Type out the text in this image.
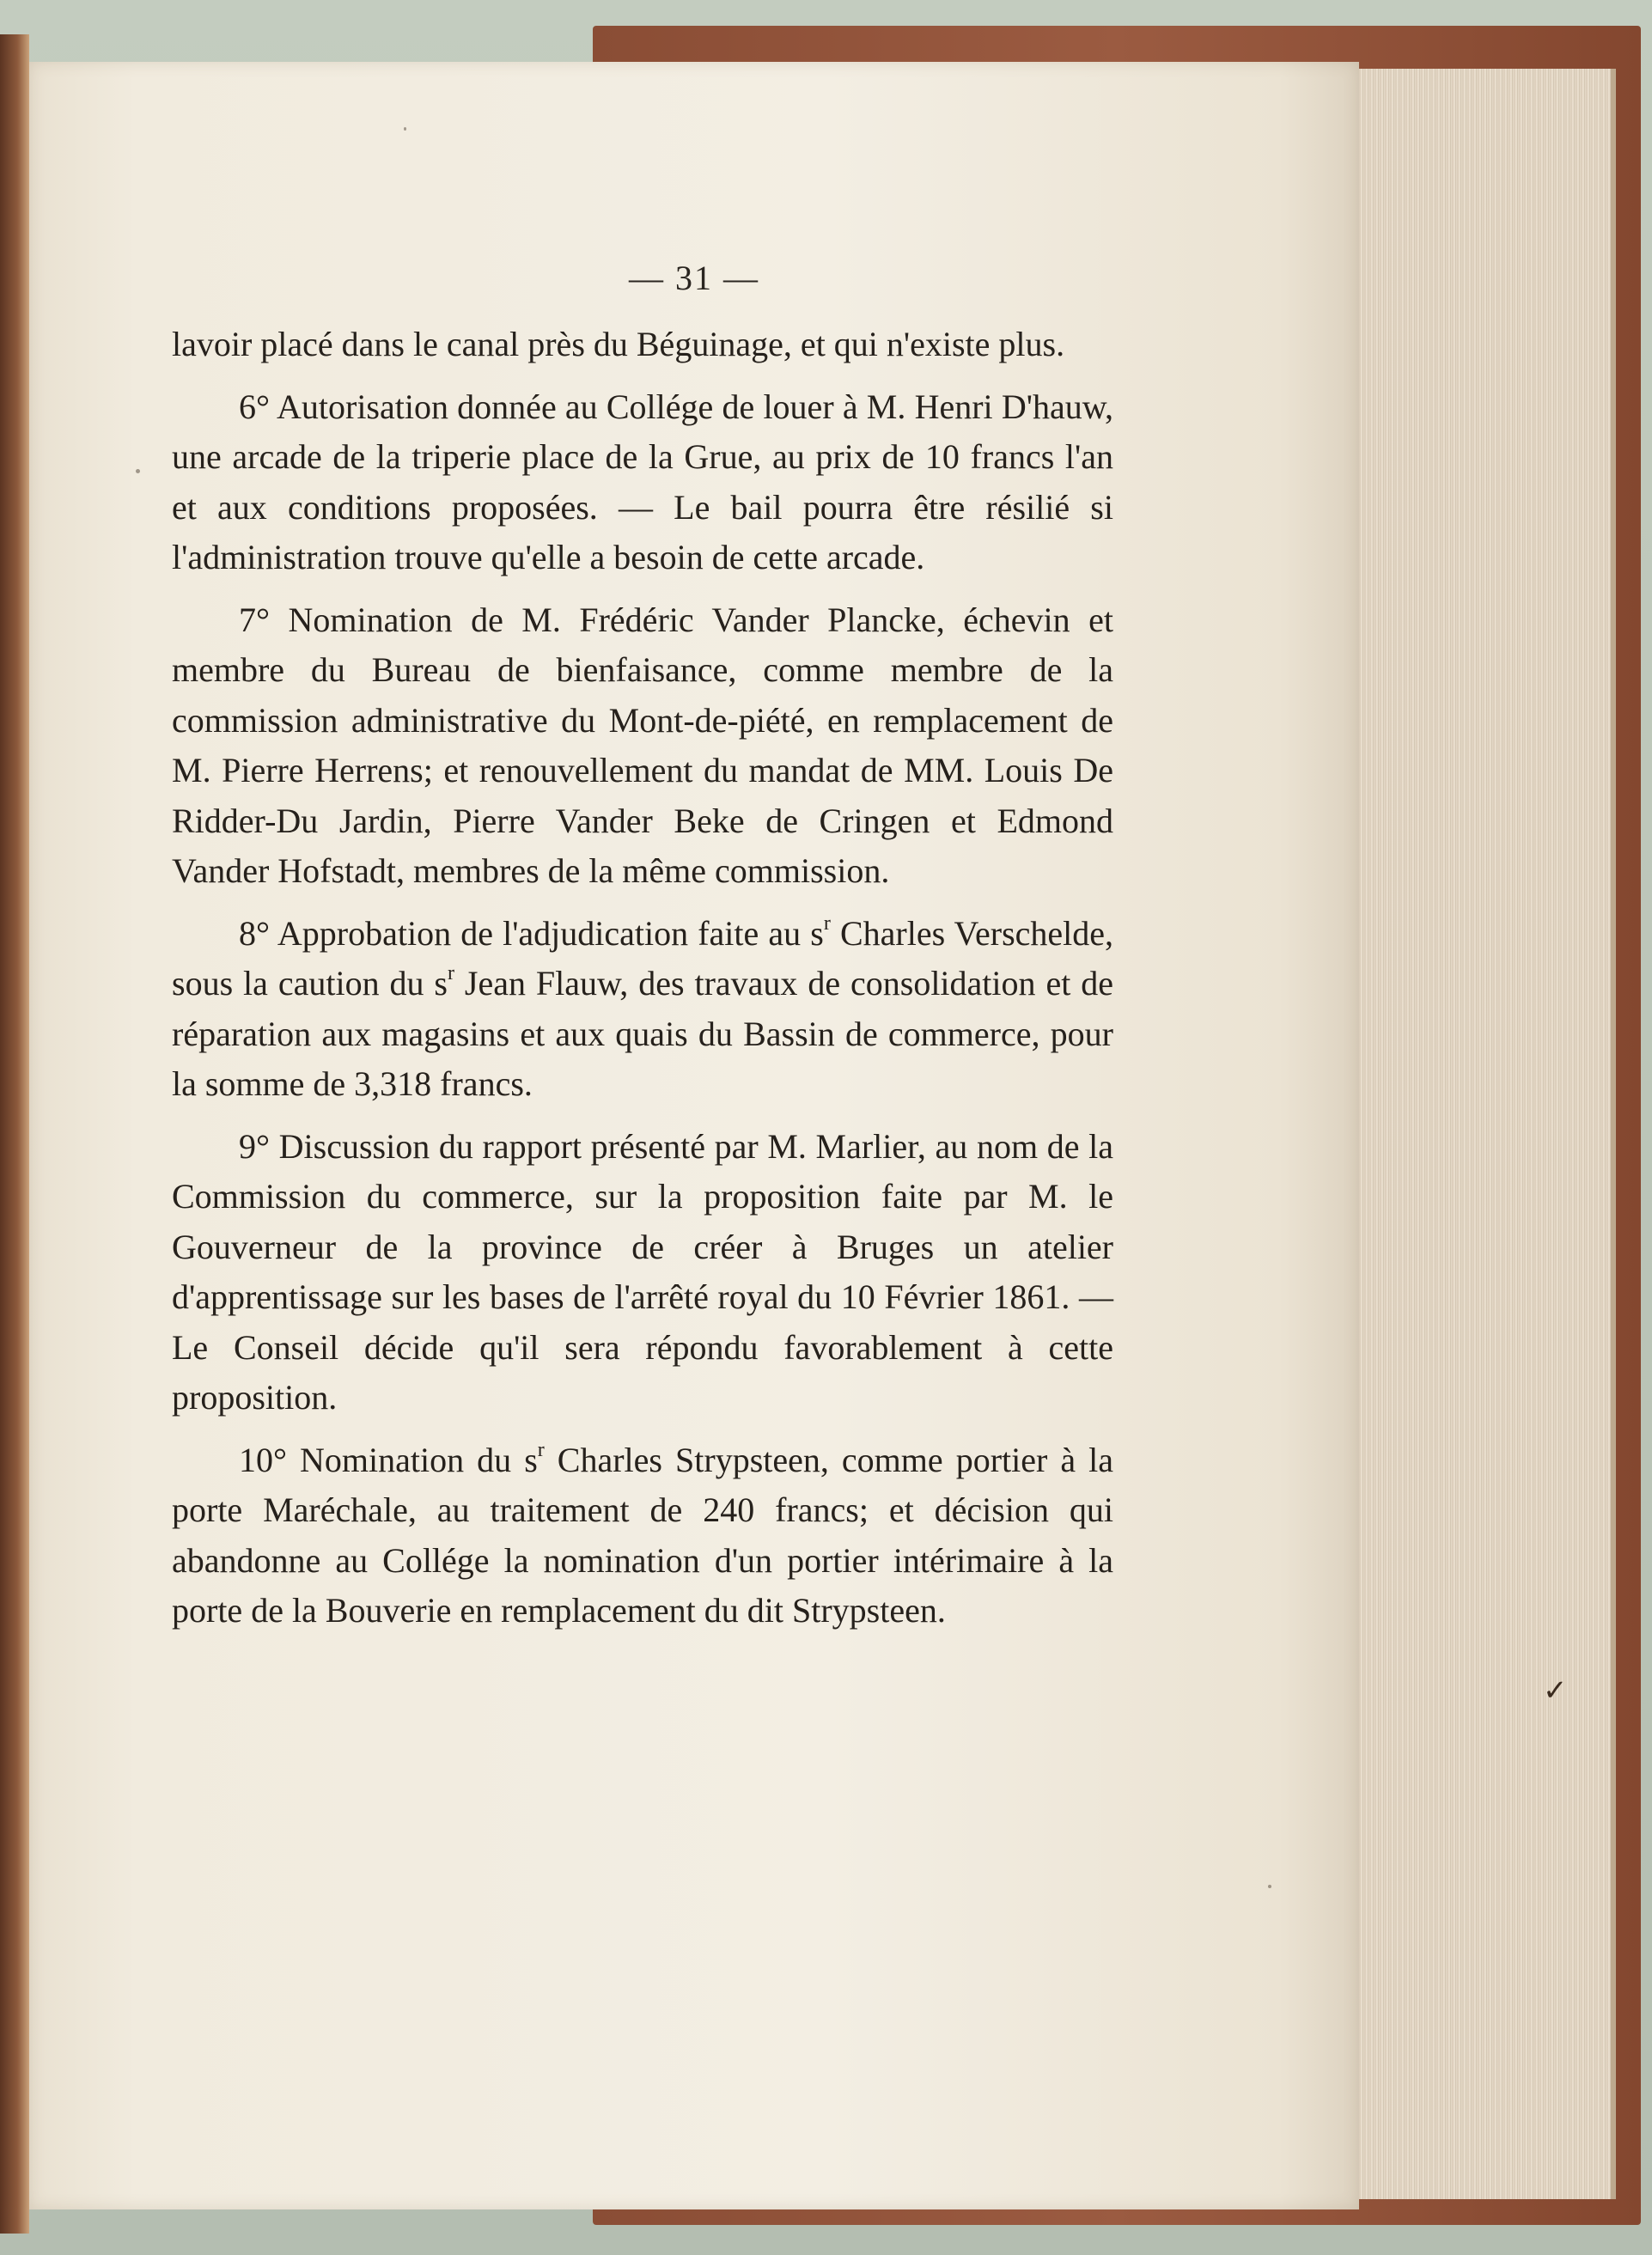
— 31 —

lavoir placé dans le canal près du Béguinage, et qui n'existe plus.

6° Autorisation donnée au Collége de louer à M. Henri D'hauw, une arcade de la triperie place de la Grue, au prix de 10 francs l'an et aux conditions proposées. — Le bail pourra être résilié si l'administration trouve qu'elle a besoin de cette arcade.

7° Nomination de M. Frédéric Vander Plancke, échevin et membre du Bureau de bienfaisance, comme membre de la commission administrative du Mont-de-piété, en remplacement de M. Pierre Herrens; et renouvellement du mandat de MM. Louis De Ridder-Du Jardin, Pierre Vander Beke de Cringen et Edmond Vander Hofstadt, membres de la même commission.

8° Approbation de l'adjudication faite au $s^r$ Charles Verschelde, sous la caution du $s^r$ Jean Flauw, des travaux de consolidation et de réparation aux magasins et aux quais du Bassin de commerce, pour la somme de 3,318 francs.

9° Discussion du rapport présenté par M. Marlier, au nom de la Commission du commerce, sur la proposition faite par M. le Gouverneur de la province de créer à Bruges un atelier d'apprentissage sur les bases de l'arrêté royal du 10 Février 1861. — Le Conseil décide qu'il sera répondu favorablement à cette proposition.

10° Nomination du $s^r$ Charles Strypsteen, comme portier à la porte Maréchale, au traitement de 240 francs; et décision qui abandonne au Collége la nomination d'un portier intérimaire à la porte de la Bouverie en remplacement du dit Strypsteen.

✓
